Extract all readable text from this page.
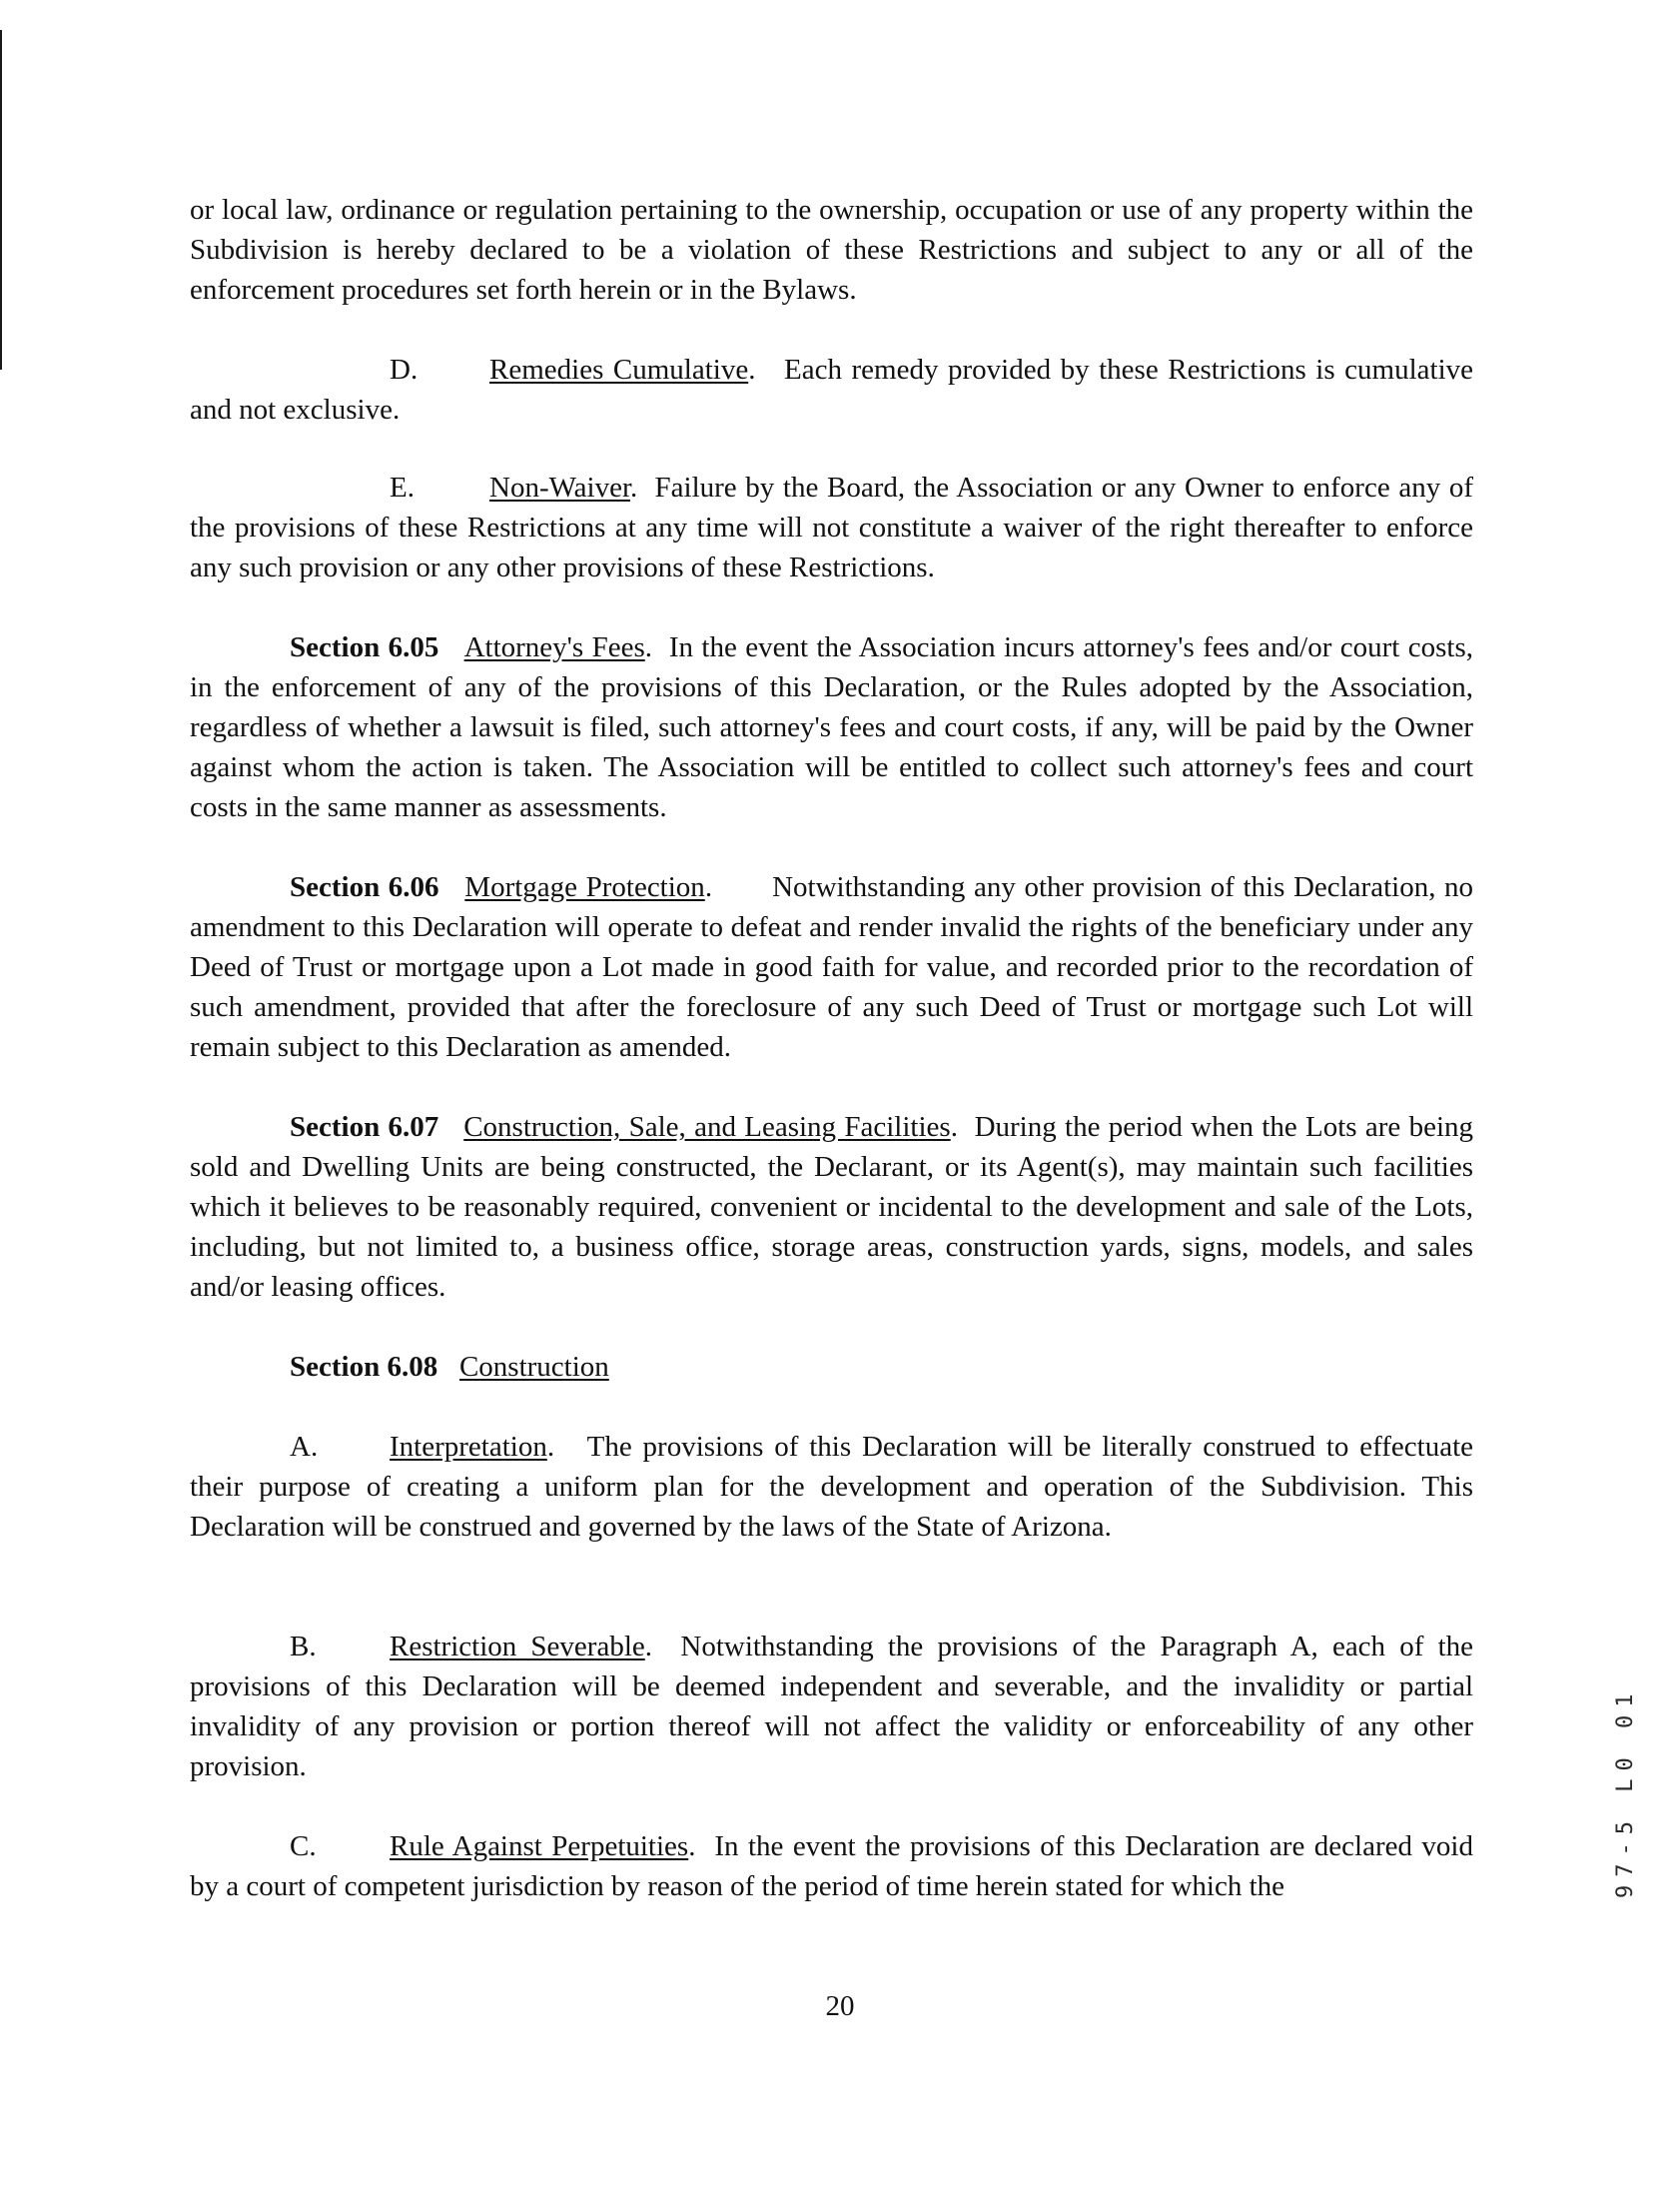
or local law, ordinance or regulation pertaining to the ownership, occupation or use of any property within the Subdivision is hereby declared to be a violation of these Restrictions and subject to any or all of the enforcement procedures set forth herein or in the Bylaws.

D. Remedies Cumulative.   Each remedy provided by these Restrictions is cumulative and not exclusive.

E.	Non-Waiver.  Failure by the Board, the Association or any Owner to enforce any of the provisions of these Restrictions at any time will not constitute a waiver of the right thereafter to enforce any such provision or any other provisions of these Restrictions.

Section 6.05 Attorney's Fees.  In the event the Association incurs attorney's fees and/or court costs, in the enforcement of any of the provisions of this Declaration, or the Rules adopted by the Association, regardless of whether a lawsuit is filed, such attorney's fees and court costs, if any, will be paid by the Owner against whom the action is taken. The Association will be entitled to collect such attorney's fees and court costs in the same manner as assessments.

Section 6.06 Mortgage Protection.       Notwithstanding any other provision of this Declaration, no amendment to this Declaration will operate to defeat and render invalid the rights of the beneficiary under any Deed of Trust or mortgage upon a Lot made in good faith for value, and recorded prior to the recordation of such amendment, provided that after the foreclosure of any such Deed of Trust or mortgage such Lot will remain subject to this Declaration as amended.

Section 6.07 Construction, Sale, and Leasing Facilities.  During the period when the Lots are being sold and Dwelling Units are being constructed, the Declarant, or its Agent(s), may maintain such facilities which it believes to be reasonably required, convenient or incidental to the development and sale of the Lots, including, but not limited to, a business office, storage areas, construction yards, signs, models, and sales and/or leasing offices.

Section 6.08 Construction

A. Interpretation.   The provisions of this Declaration will be literally construed to effectuate their purpose of creating a uniform plan for the development and operation of the Subdivision. This Declaration will be construed and governed by the laws of the State of Arizona.

B.	Restriction Severable.  Notwithstanding the provisions of the Paragraph A, each of the provisions of this Declaration will be deemed independent and severable, and the invalidity or partial invalidity of any provision or portion thereof will not affect the validity or enforceability of any other provision.

C.	Rule Against Perpetuities.  In the event the provisions of this Declaration are declared void by a court of competent jurisdiction by reason of the period of time herein stated for which the

20
97-5 L0 01
